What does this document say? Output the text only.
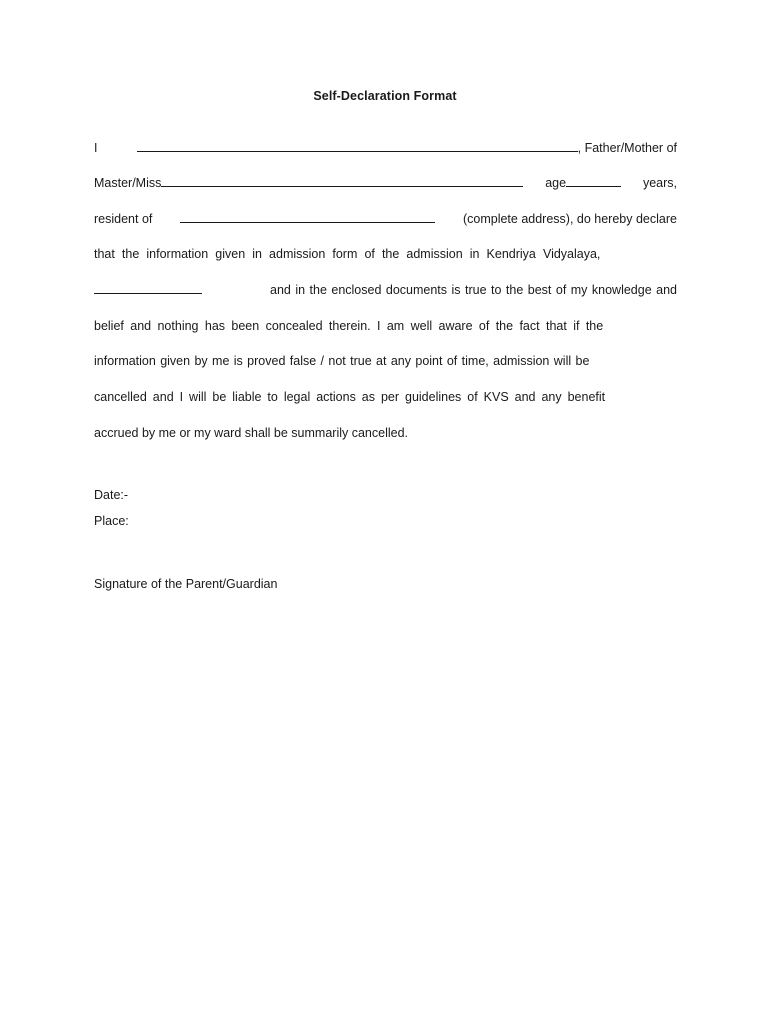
Self-Declaration Format
I	, Father/Mother of
Master/Miss	age	years,
resident of	(complete address), do hereby declare
that the information given in admission form of the admission in Kendriya Vidyalaya,
and in the enclosed documents is true to the best of my knowledge and
belief and nothing has been concealed therein. I am well aware of the fact that if the
information given by me is proved false / not true at any point of time, admission will be
cancelled and I will be liable to legal actions as per guidelines of KVS and any benefit
accrued by me or my ward shall be summarily cancelled.
Date:-
Place:
Signature of the Parent/Guardian
